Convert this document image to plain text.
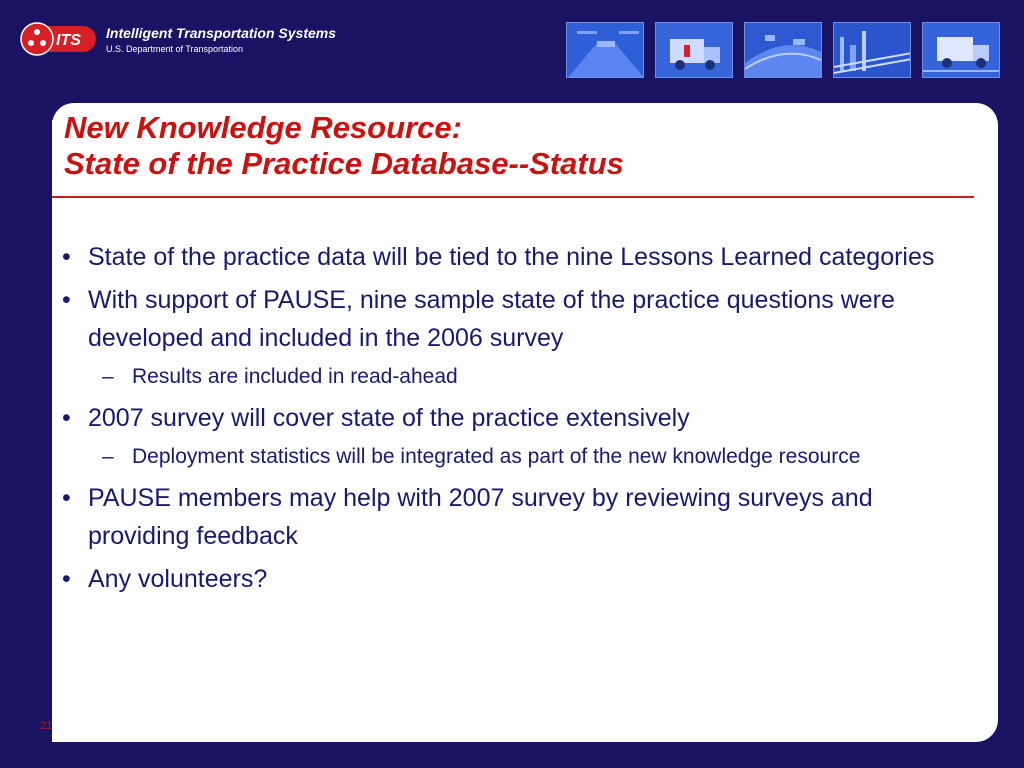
ITS Intelligent Transportation Systems
U.S. Department of Transportation
New Knowledge Resource:
State of the Practice Database--Status
• State of the practice data will be tied to the nine Lessons Learned categories
• With support of PAUSE, nine sample state of the practice questions were developed and included in the 2006 survey
– Results are included in read-ahead
• 2007 survey will cover state of the practice extensively
– Deployment statistics will be integrated as part of the new knowledge resource
• PAUSE members may help with 2007 survey by reviewing surveys and providing feedback
• Any volunteers?
21
